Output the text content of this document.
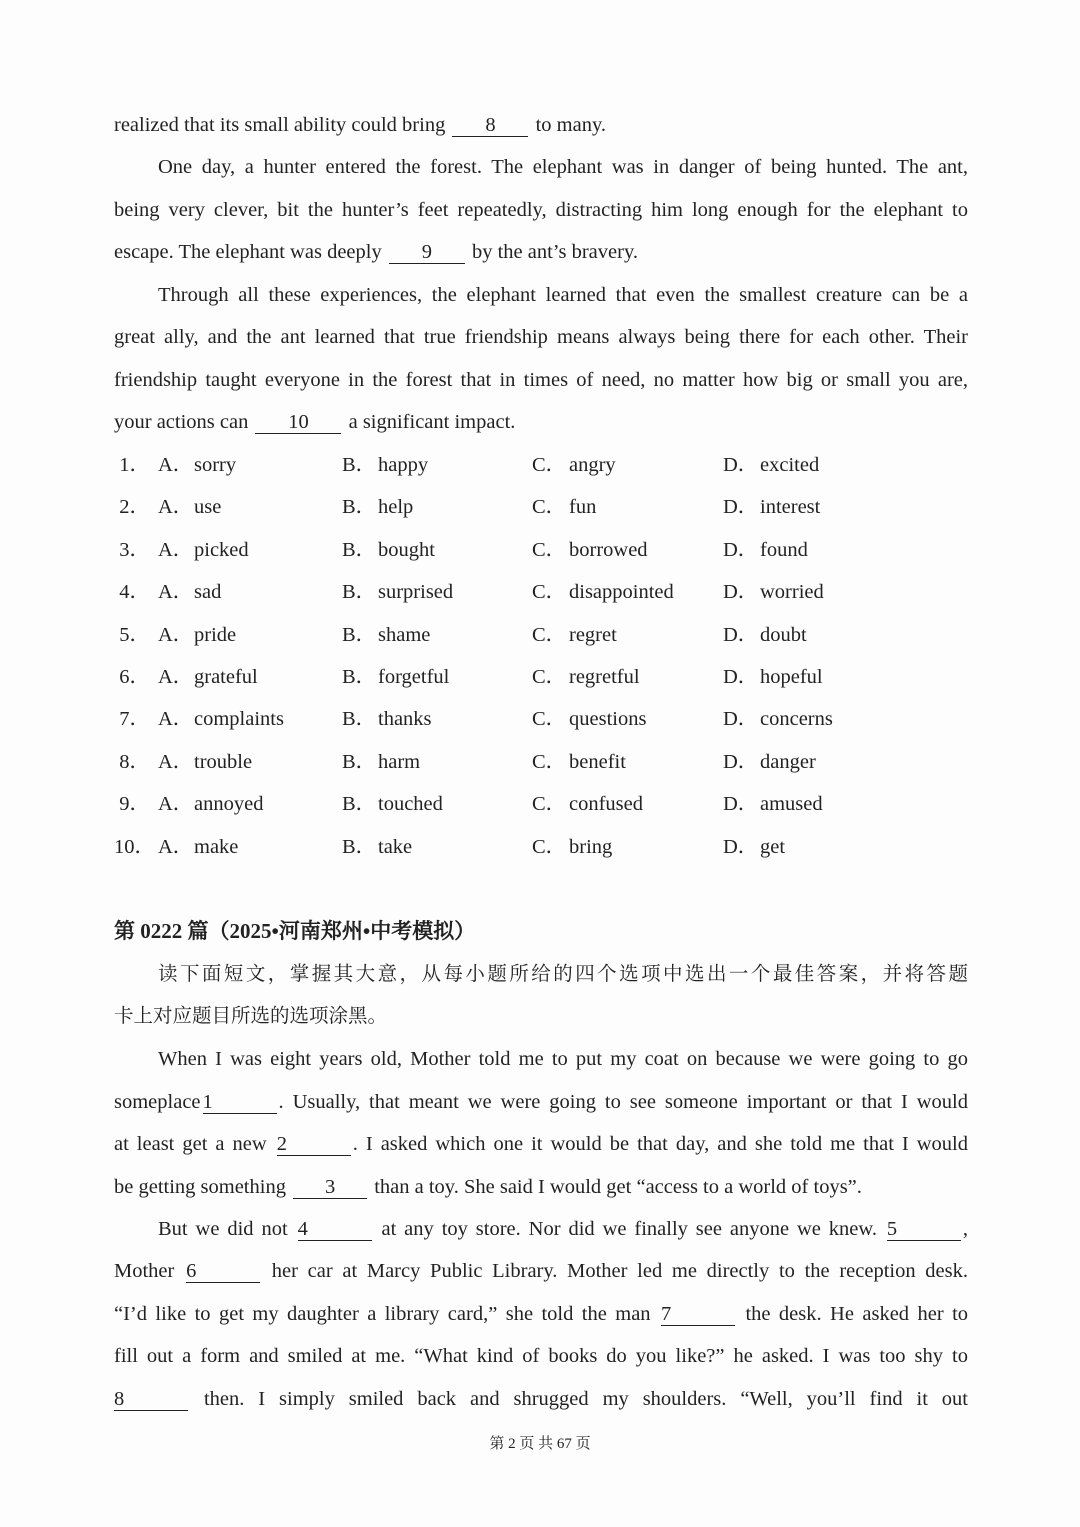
realized that its small ability could bring 8 to many.
One day, a hunter entered the forest. The elephant was in danger of being hunted. The ant,
being very clever, bit the hunter’s feet repeatedly, distracting him long enough for the elephant to
escape. The elephant was deeply 9 by the ant’s bravery.
Through all these experiences, the elephant learned that even the smallest creature can be a
great ally, and the ant learned that true friendship means always being there for each other. Their
friendship taught everyone in the forest that in times of need, no matter how big or small you are,
your actions can 10 a significant impact.
1． A． sorry	B． happy	C． angry	D． excited
2． A． use	B． help	C． fun	D． interest
3． A． picked	B． bought	C． borrowed	D． found
4． A． sad	B． surprised	C． disappointed D． worried
5． A． pride	B． shame	C． regret	D． doubt
6． A． grateful	B． forgetful	C． regretful	D． hopeful
7． A． complaints	B． thanks	C． questions	D． concerns
8． A． trouble	B． harm	C． benefit	D． danger
9． A． annoyed	B． touched	C． confused	D． amused
10． A． make	B． take	C． bring	D． get
第 0222 篇（2025•河南郑州•中考模拟）
读下面短文，掌握其大意，从每小题所给的四个选项中选出一个最佳答案，并将答题
卡上对应题目所选的选项涂黑。
When I was eight years old, Mother told me to put my coat on because we were going to go
someplace1	. Usually, that meant we were going to see someone important or that I would
at least get a new 2	. I asked which one it would be that day, and she told me that I would
be getting something 3 than a toy. She said I would get “access to a world of toys”.
But we did not 4	at any toy store. Nor did we finally see anyone we knew. 5	,
Mother 6	her car at Marcy Public Library. Mother led me directly to the reception desk.
“I’d like to get my daughter a library card,” she told the man 7	the desk. He asked her to
fill out a form and smiled at me. “What kind of books do you like?” he asked. I was too shy to
8	then. I simply smiled back and shrugged my shoulders. “Well, you’ll find it out
第 2 页 共 67 页
